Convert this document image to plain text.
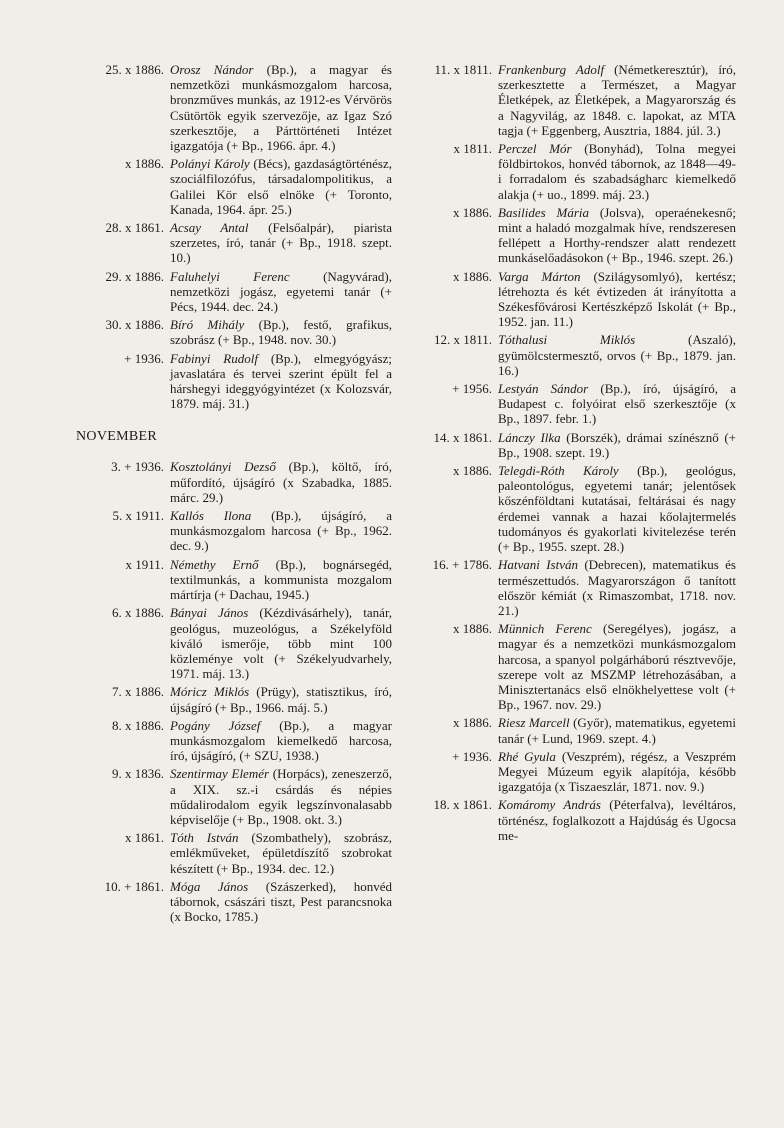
25. x 1886. Orosz Nándor (Bp.), a magyar és nemzetközi munkásmozgalom harcosa, bronzműves munkás, az 1912-es Vérvörös Csütörtök egyik szervezője, az Igaz Szó szerkesztője, a Párttörténeti Intézet igazgatója (+ Bp., 1966. ápr. 4.)
x 1886. Polányi Károly (Bécs), gazdaságtörténész, szociálfilozófus, társadalompolitikus, a Galilei Kör első elnöke (+ Toronto, Kanada, 1964. ápr. 25.)
28. x 1861. Acsay Antal (Felsőalpár), piarista szerzetes, író, tanár (+ Bp., 1918. szept. 10.)
29. x 1886. Faluhelyi Ferenc (Nagyvárad), nemzetközi jogász, egyetemi tanár (+ Pécs, 1944. dec. 24.)
30. x 1886. Bíró Mihály (Bp.), festő, grafikus, szobrász (+ Bp., 1948. nov. 30.)
+ 1936. Fabinyi Rudolf (Bp.), elmegyógyász; javaslatára és tervei szerint épült fel a hárshegyi ideggyógyintézet (x Kolozsvár, 1879. máj. 31.)
NOVEMBER
3. + 1936. Kosztolányi Dezső (Bp.), költő, író, műfordító, újságíró (x Szabadka, 1885. márc. 29.)
5. x 1911. Kallós Ilona (Bp.), újságíró, a munkásmozgalom harcosa (+ Bp., 1962. dec. 9.)
x 1911. Némethy Ernő (Bp.), bognársegéd, textilmunkás, a kommunista mozgalom mártírja (+ Dachau, 1945.)
6. x 1886. Bányai János (Kézdivásárhely), tanár, geológus, muzeológus, a Székelyföld kiváló ismerője, több mint 100 közleménye volt (+ Székelyudvarhely, 1971. máj. 13.)
7. x 1886. Móricz Miklós (Prügy), statisztikus, író, újságíró (+ Bp., 1966. máj. 5.)
8. x 1886. Pogány József (Bp.), a magyar munkásmozgalom kiemelkedő harcosa, író, újságíró, (+ SZU, 1938.)
9. x 1836. Szentirmay Elemér (Horpács), zeneszerző, a XIX. sz.-i csárdás és népies műdalirodalom egyik legszínvonalasabb képviselője (+ Bp., 1908. okt. 3.)
x 1861. Tóth István (Szombathely), szobrász, emlékműveket, épületdíszítő szobrokat készített (+ Bp., 1934. dec. 12.)
10. + 1861. Móga János (Szászerked), honvéd tábornok, császári tiszt, Pest parancsnoka (x Bocko, 1785.)
11. x 1811. Frankenburg Adolf (Németkeresztúr), író, szerkesztette a Természet, a Magyar Életképek, az Életképek, a Magyarország és a Nagyvilág, az 1848. c. lapokat, az MTA tagja (+ Eggenberg, Ausztria, 1884. júl. 3.)
x 1811. Perczel Mór (Bonyhád), Tolna megyei földbirtokos, honvéd tábornok, az 1848—49-i forradalom és szabadságharc kiemelkedő alakja (+ uo., 1899. máj. 23.)
x 1886. Basilides Mária (Jolsva), operaénekesnő; mint a haladó mozgalmak híve, rendszeresen fellépett a Horthy-rendszer alatt rendezett munkáselőadásokon (+ Bp., 1946. szept. 26.)
x 1886. Varga Márton (Szilágysomlyó), kertész; létrehozta és két évtizeden át irányította a Székesfővárosi Kertészképző Iskolát (+ Bp., 1952. jan. 11.)
12. x 1811. Tóthalusi Miklós (Aszaló), gyümölcstermesztő, orvos (+ Bp., 1879. jan. 16.)
+ 1956. Lestyán Sándor (Bp.), író, újságíró, a Budapest c. folyóirat első szerkesztője (x Bp., 1897. febr. 1.)
14. x 1861. Lánczy Ilka (Borszék), drámai színésznő (+ Bp., 1908. szept. 19.)
x 1886. Telegdi-Róth Károly (Bp.), geológus, paleontológus, egyetemi tanár; jelentősek kőszénföldtani kutatásai, feltárásai és nagy érdemei vannak a hazai kőolajtermelés tudományos és gyakorlati kivitelezése terén (+ Bp., 1955. szept. 28.)
16. + 1786. Hatvani István (Debrecen), matematikus és természettudós. Magyarországon ő tanított először kémiát (x Rimaszombat, 1718. nov. 21.)
x 1886. Münnich Ferenc (Seregélyes), jogász, a magyar és a nemzetközi munkásmozgalom harcosa, a spanyol polgárháború résztvevője, szerepe volt az MSZMP létrehozásában, a Minisztertanács első elnökhelyettese volt (+ Bp., 1967. nov. 29.)
x 1886. Riesz Marcell (Győr), matematikus, egyetemi tanár (+ Lund, 1969. szept. 4.)
+ 1936. Rhé Gyula (Veszprém), régész, a Veszprém Megyei Múzeum egyik alapítója, később igazgatója (x Tiszaeszlár, 1871. nov. 9.)
18. x 1861. Komáromy András (Péterfalva), levéltáros, történész, foglalkozott a Hajdúság és Ugocsa me-
